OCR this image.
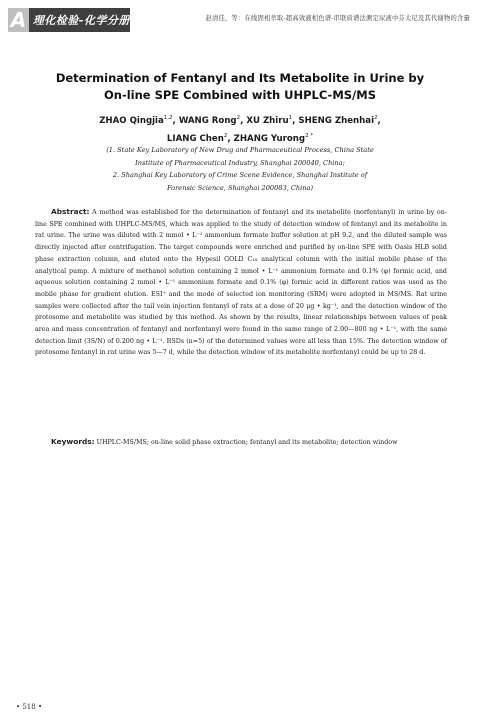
A 理化检验-化学分册	赵清佳，等：在线固相萃取-超高效液相色谱-串联质谱法测定尿液中芬太尼及其代谢物的含量
Determination of Fentanyl and Its Metabolite in Urine by
On-line SPE Combined with UHPLC-MS/MS
ZHAO Qingjia$^{1,2}$, WANG Rong$^2$, XU Zhiru$^1$, SHENG Zhenhai$^2$,
LIANG Chen$^2$, ZHANG Yurong$^{2 *}$
(1. State Key Laboratory of New Drug and Pharmaceutical Process, China State
Institute of Pharmaceutical Industry, Shanghai 200040, China;
2. Shanghai Key Laboratory of Crime Scene Evidence, Shanghai Institute of
Forensic Science, Shanghai 200083, China)
Abstract: A method was established for the determination of fentanyl and its metabolite (norfentanyl) in urine by on-line SPE combined with UHPLC-MS/MS, which was applied to the study of detection window of fentanyl and its metabolite in rat urine. The urine was diluted with 2 mmol • L⁻¹ ammonium formate buffer solution at pH 9.2, and the diluted sample was directly injected after centrifugation. The target compounds were enriched and purified by on-line SPE with Oasis HLB solid phase extraction column, and eluted onto the Hypesil GOLD C₁₈ analytical column with the initial mobile phase of the analytical pump. A mixture of methanol solution containing 2 mmol • L⁻¹ ammonium formate and 0.1% (φ) formic acid, and aqueous solution containing 2 mmol • L⁻¹ ammonium formate and 0.1% (φ) formic acid in different ratios was used as the mobile phase for gradient elution. ESI⁺ and the mode of selected ion monitoring (SRM) were adopted in MS/MS. Rat urine samples were collected after the tail vein injection fentanyl of rats at a dose of 20 μg • kg⁻¹, and the detection window of the protosome and metabolite was studied by this method. As shown by the results, linear relationships between values of peak area and mass concentration of fentanyl and norfentanyl were found in the same range of 2.00—800 ng • L⁻¹, with the same detection limit (3S/N) of 0.200 ng • L⁻¹. RSDs (n=5) of the determined values were all less than 15%. The detection window of protosome fentanyl in rat urine was 5—7 d, while the detection window of its metabolite norfentanyl could be up to 28 d.
Keywords: UHPLC-MS/MS; on-line solid phase extraction; fentanyl and its metabolite; detection window
• 518 •
